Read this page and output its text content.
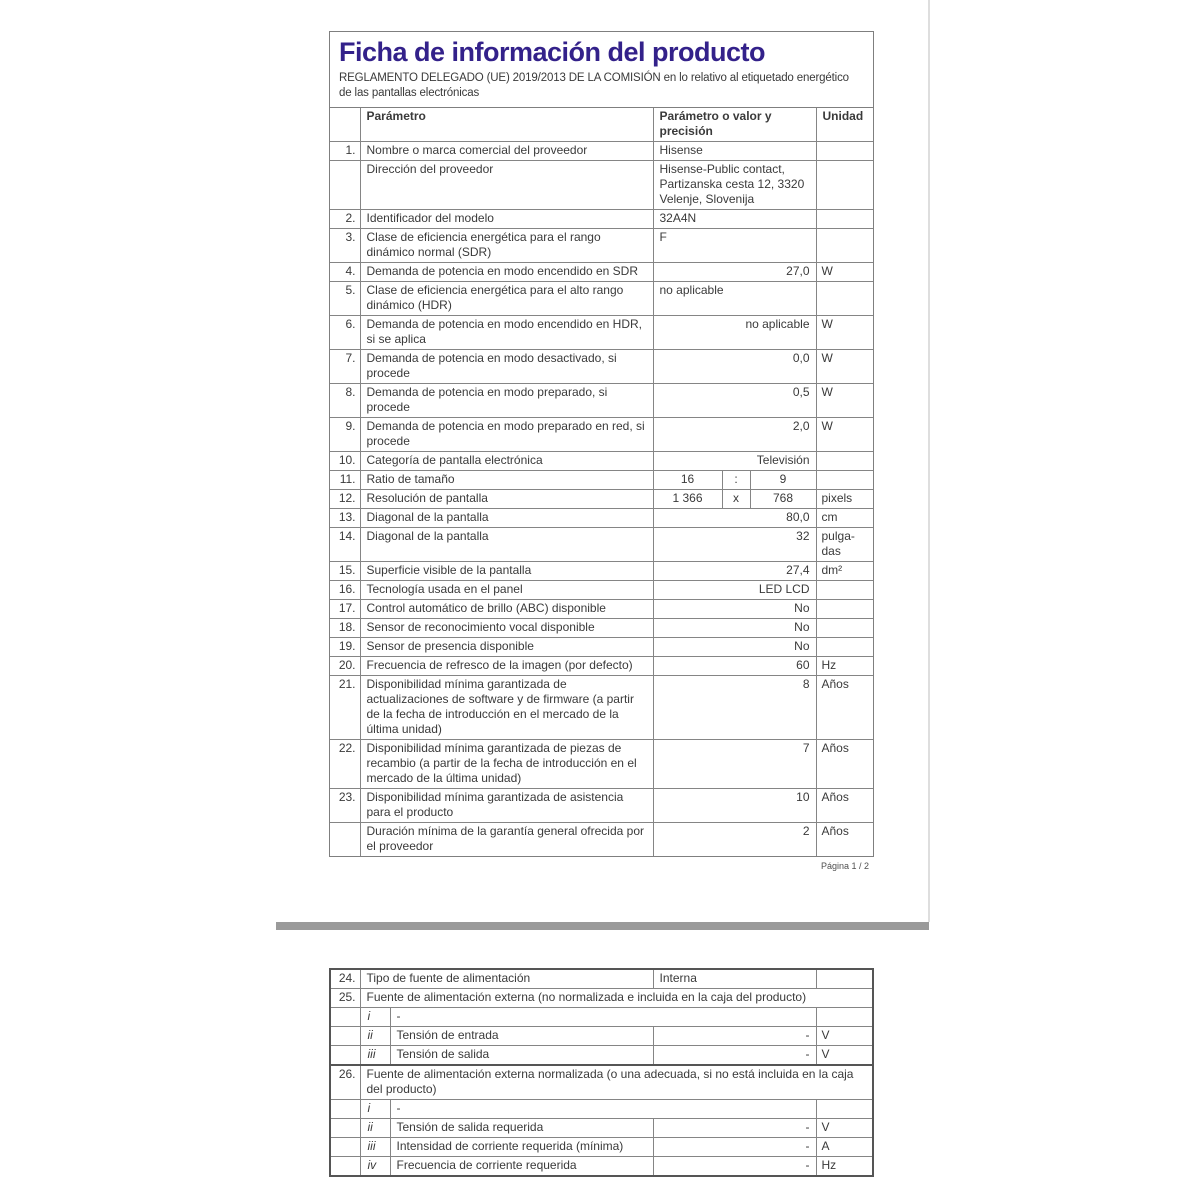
Ficha de información del producto

REGLAMENTO DELEGADO (UE) 2019/2013 DE LA COMISIÓN en lo relativo al etiquetado energético de las pantallas electrónicas

	Parámetro	Parámetro o valor y precisión			Unidad
1.	Nombre o marca comercial del proveedor	Hisense			
	Dirección del proveedor	Hisense-Public contact, Partizanska cesta 12, 3320 Velenje, Slovenija			
2.	Identificador del modelo	32A4N			
3.	Clase de eficiencia energética para el rango dinámico normal (SDR)	F			
4.	Demanda de potencia en modo encendido en SDR	27,0			W
5.	Clase de eficiencia energética para el alto rango dinámico (HDR)	no aplicable			
6.	Demanda de potencia en modo encendido en HDR, si se aplica	no aplicable			W
7.	Demanda de potencia en modo desactivado, si procede	0,0			W
8.	Demanda de potencia en modo preparado, si procede	0,5			W
9.	Demanda de potencia en modo preparado en red, si procede	2,0			W
10.	Categoría de pantalla electrónica	Televisión			
11.	Ratio de tamaño	16	:	9	
12.	Resolución de pantalla	1 366	x	768	pixels
13.	Diagonal de la pantalla	80,0			cm
14.	Diagonal de la pantalla	32			pulgadas
15.	Superficie visible de la pantalla	27,4			dm²
16.	Tecnología usada en el panel	LED LCD			
17.	Control automático de brillo (ABC) disponible	No			
18.	Sensor de reconocimiento vocal disponible	No			
19.	Sensor de presencia disponible	No			
20.	Frecuencia de refresco de la imagen (por defecto)	60			Hz
21.	Disponibilidad mínima garantizada de actualizaciones de software y de firmware (a partir de la fecha de introducción en el mercado de la última unidad)	8			Años
22.	Disponibilidad mínima garantizada de piezas de recambio (a partir de la fecha de introducción en el mercado de la última unidad)	7			Años
23.	Disponibilidad mínima garantizada de asistencia para el producto	10			Años
	Duración mínima de la garantía general ofrecida por el proveedor	2			Años
Página 1 / 2
24.	Tipo de fuente de alimentación		Interna	
25.	Fuente de alimentación externa (no normalizada e incluida en la caja del producto)			
	i	-		
	ii	Tensión de entrada	-	V
	iii	Tensión de salida	-	V
26.	Fuente de alimentación externa normalizada (o una adecuada, si no está incluida en la caja del producto)			
	i	-		
	ii	Tensión de salida requerida	-	V
	iii	Intensidad de corriente requerida (mínima)	-	A
	iv	Frecuencia de corriente requerida	-	Hz
